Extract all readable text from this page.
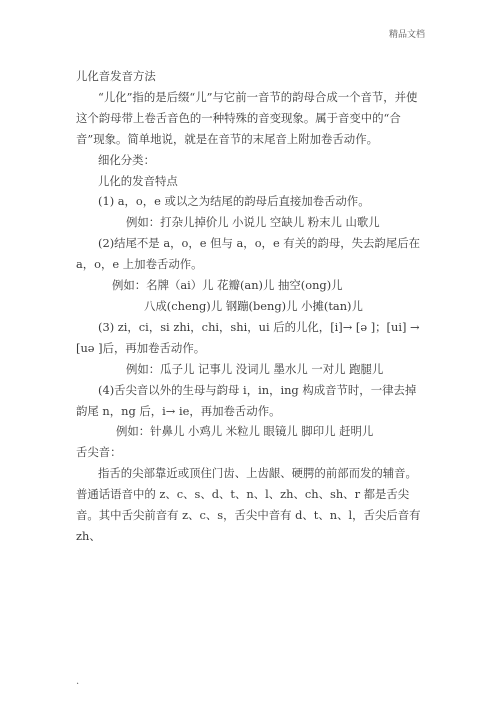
精品文档

儿化音发音方法

“儿化”指的是后缀“儿”与它前一音节的韵母合成一个音节，并使这个韵母带上卷舌音色的一种特殊的音变现象。属于音变中的“合音”现象。简单地说，就是在音节的末尾音上附加卷舌动作。

细化分类：

儿化的发音特点

(1) a，o，e 或以之为结尾的韵母后直接加卷舌动作。

例如：打杂儿掉价儿 小说儿 空缺儿 粉末儿 山歌儿

(2)结尾不是 a，o，e 但与 a，o，e 有关的韵母，失去韵尾后在 a，o，e 上加卷舌动作。

例如：名牌（ai）儿 花瓣(an)儿 抽空(ong)儿

八成(cheng)儿 钢蹦(beng)儿 小摊(tan)儿

(3) zi，ci，si zhi，chi，shi，ui 后的儿化，[i]→ [ə ]；[ui] → [uə ]后，再加卷舌动作。

例如：瓜子儿 记事儿 没词儿 墨水儿 一对儿 跑腿儿

(4)舌尖音以外的生母与韵母 i，in，ing 构成音节时，一律去掉韵尾 n，ng 后，i→ ie，再加卷舌动作。

例如：针鼻儿 小鸡儿 米粒儿 眼镜儿 脚印儿 赶明儿

舌尖音：

指舌的尖部靠近或顶住门齿、上齿龈、硬腭的前部而发的辅音。普通话语音中的 z、c、s、d、t、n、l、zh、ch、sh、r 都是舌尖音。其中舌尖前音有 z、c、s，舌尖中音有 d、t、n、l，舌尖后音有 zh、

.
